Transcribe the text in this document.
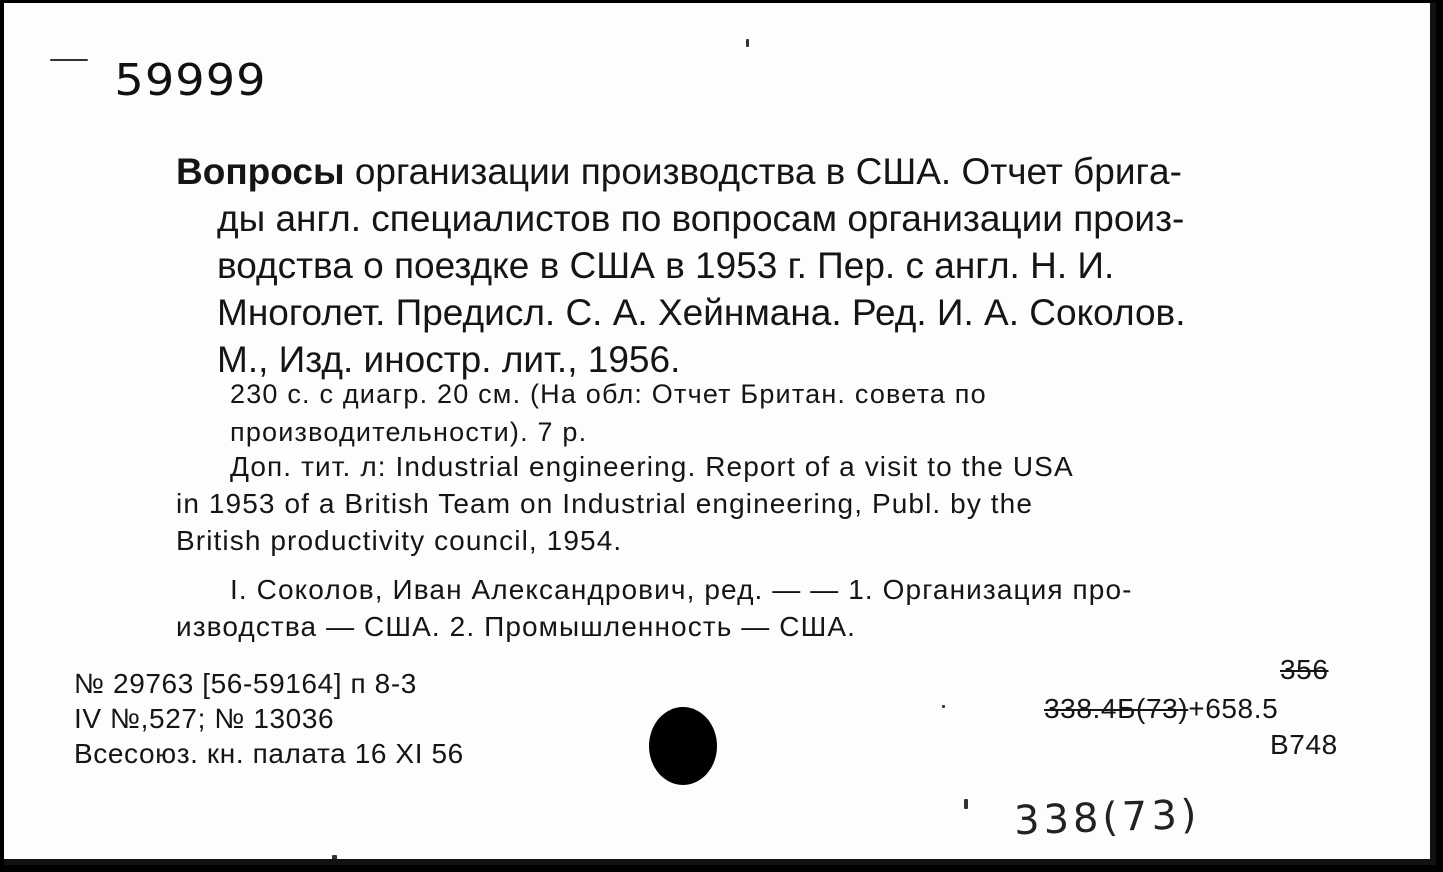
59999
Вопросы организации производства в США. Отчет бригa-
ды англ. специалистов по вопросам организации произ-
водства о поездке в США в 1953 г. Пер. с англ. Н. И.
Многолет. Предисл. С. А. Хейнмана. Ред. И. А. Соколов.
М., Изд. иностр. лит., 1956.
230 с. с диагр. 20 см. (На обл: Отчет Британ. совета по
производительности). 7 р.
Доп. тит. л: Industrial engineering. Report of a visit to the USA
in 1953 of a British Team on Industrial engineering, Publ. by the
British productivity council, 1954.
I. Соколов, Иван Александрович, ред. — — 1. Организация про-
изводства — США. 2. Промышленность — США.
№ 29763 [56-59164] п 8-3
IV №,527; № 13036
Всесоюз. кн. палата 16 XI 56
356
338.4Б(73)+658.5
В748
338(73)
